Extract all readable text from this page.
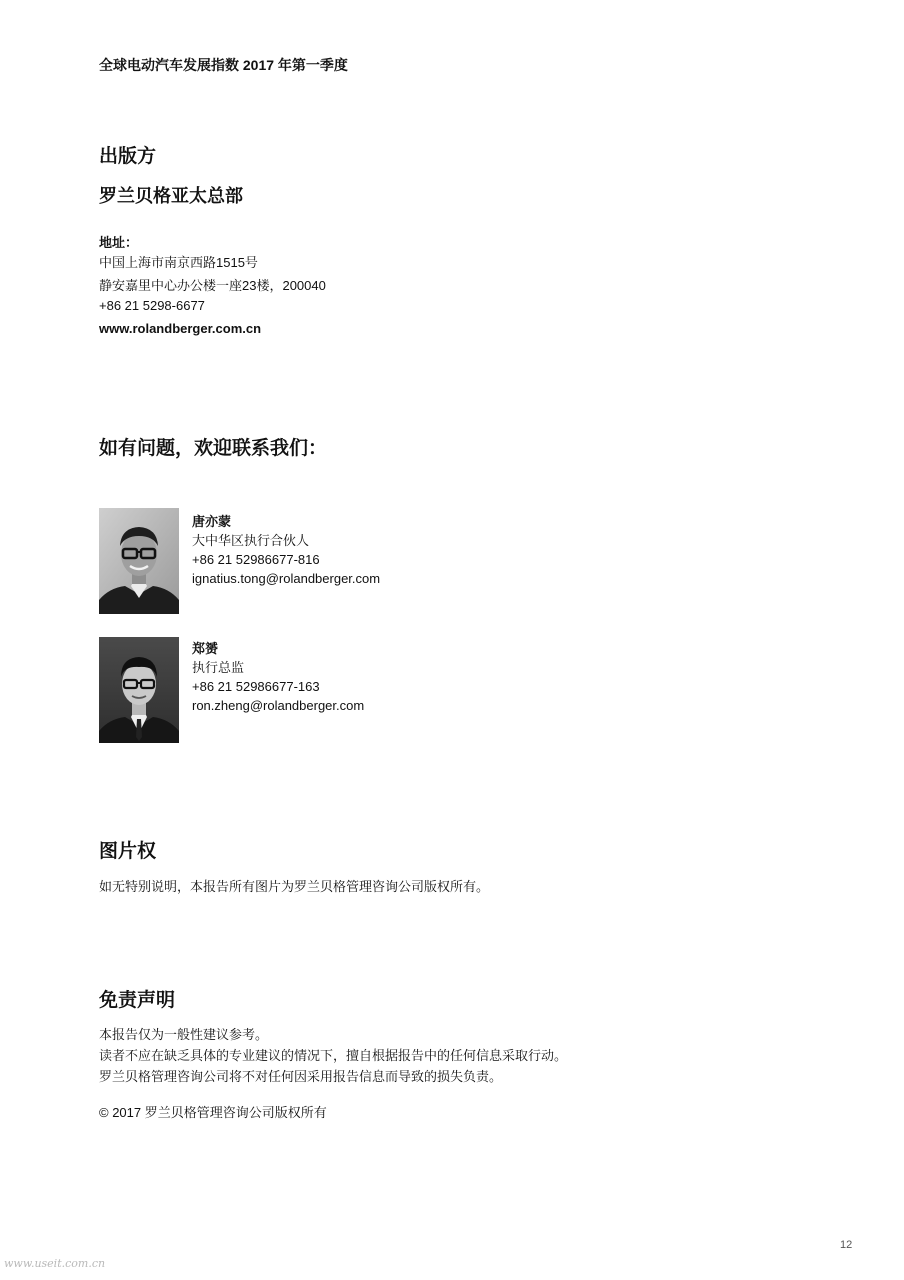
全球电动汽车发展指数 2017 年第一季度
出版方
罗兰贝格亚太总部
地址：
中国上海市南京西路1515号
静安嘉里中心办公楼一座23楼，200040
+86 21 5298-6677
www.rolandberger.com.cn
如有问题，欢迎联系我们：
唐亦蒙
大中华区执行合伙人
+86 21 52986677-816
ignatius.tong@rolandberger.com
郑赟
执行总监
+86 21 52986677-163
ron.zheng@rolandberger.com
图片权
如无特别说明，本报告所有图片为罗兰贝格管理咨询公司版权所有。
免责声明
本报告仅为一般性建议参考。
读者不应在缺乏具体的专业建议的情况下，擅自根据报告中的任何信息采取行动。
罗兰贝格管理咨询公司将不对任何因采用报告信息而导致的损失负责。
© 2017 罗兰贝格管理咨询公司版权所有
12
www.useit.com.cn
